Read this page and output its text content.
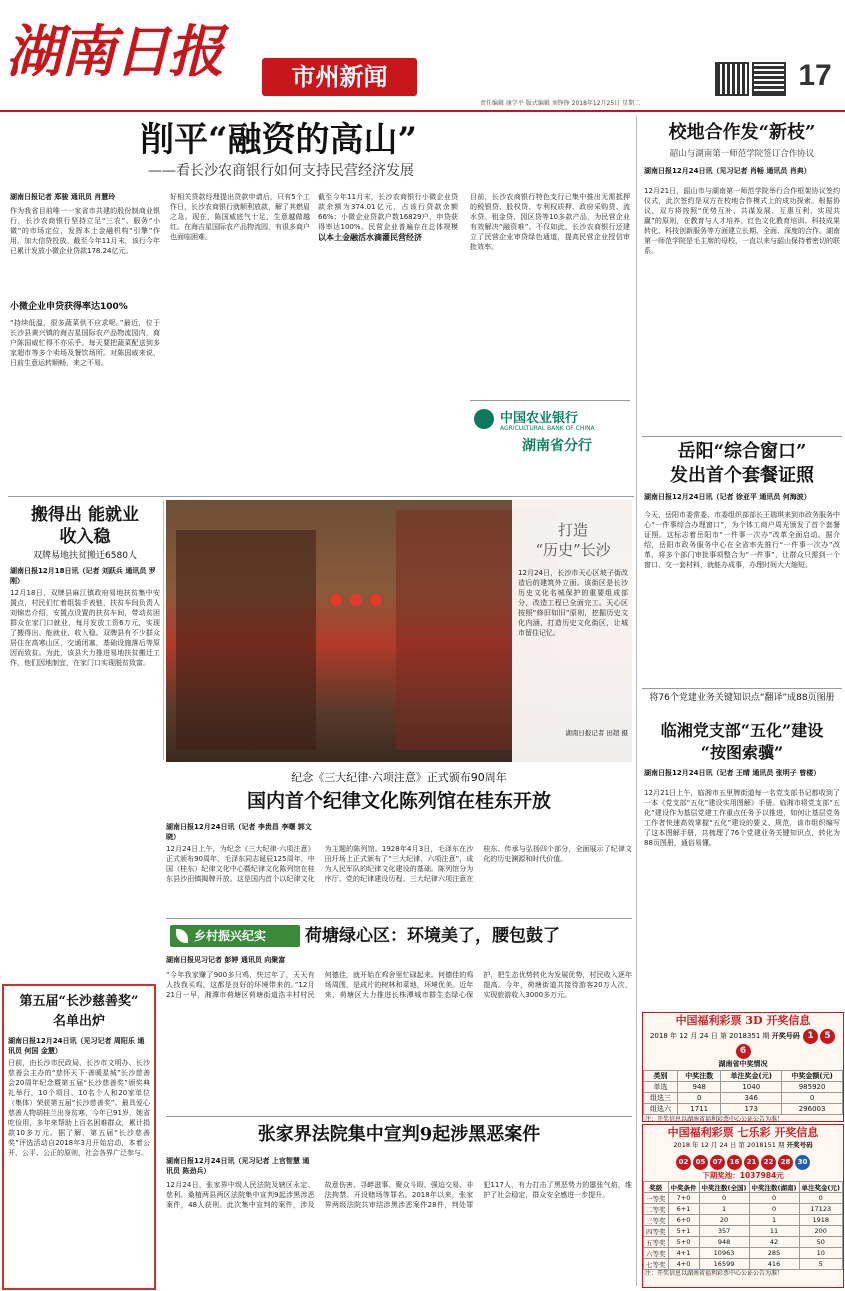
湖南日报	市州新闻	17
责任编辑 康学平 版式编辑 刘铮铮 2018年12月25日 星期二
削平“融资的高山”
——看长沙农商银行如何支持民营经济发展
湖南日报记者 郑骏 通讯员 肖慧玲
作为我省目前唯一一家省市共建的股份制商业银行，长沙农商银行坚持立足“三农”、服务“小微”的市场定位，发挥本土金融机构“引擎”作用，加大信贷投放。截至今年11月末，该行今年已累计发放小微企业贷款178.24亿元。
小微企业申贷获得率达100%
“持续低温，很多蔬菜供不应求呢。”最近，位于长沙县黄兴镇的海吉星国际农产品物流园内，商户陈国威忙得不亦乐乎。每天要把蔬菜配送到多家超市等多个卖场及餐饮场所。对陈国威来说，日前生意运转顺畅，来之不易。
好相关贷款经理提出贷款申请后，只有5个工作日，长沙农商银行就顺利放款，解了其燃眉之急。现在，陈国威底气十足，生意越做越红。在海吉星国际农产品物流园，有很多商户也面临困难。
截至今年11月末，长沙农商银行小微企业贷款余额为374.01亿元，占该行贷款余额66%；小微企业贷款户数16829户，申贷获得率达100%。民营企业普遍存在总体规模
以本土金融活水滴灌民营经济
目前，长沙农商银行特色支行已集中推出无需抵押的税银贷、股权贷、专利权质押、政府采购贷、流水贷、租金贷、园区贷等10多款产品，为民营企业有效解决“融资难”。不仅如此，长沙农商银行还建立了民营企业审贷绿色通道，提高民营企业授信审批效率。
中国农业银行
AGRICULTURAL BANK OF CHINA
湖南省分行
校地合作发“新枝”
韶山与湖南第一师范学院签订合作协议
湖南日报12月24日讯（见习记者 肖畅 通讯员 肖典）
12月21日，韶山市与湖南第一师范学院举行合作框架协议签约仪式，此次签约是双方在校地合作模式上的成功探索。根据协议，双方将按照“优势互补、共谋发展、互惠互利、实现共赢”的原则，在教育与人才培养、红色文化教育培训、科技成果转化、科技创新服务等方面建立长期、全面、深度的合作。湖南第一师范学院是毛主席的母校，一直以来与韶山保持着密切的联系。
岳阳“综合窗口”
发出首个套餐证照
湖南日报12月24日讯（记者 徐亚平 通讯员 何海波）
今天，岳阳市委常委、市委组织部部长王瑞琪来到市政务服务中心“一件事综合办理窗口”，为个体工商户周光颁发了首个套餐证照。这标志着岳阳市“一件事一次办”改革全面启动。据介绍，岳阳市政务服务中心在全省率先推行“一件事一次办”改革，将多个部门审批事项整合为“一件事”，让群众只需到一个窗口、交一套材料，就能办成事，办理时间大大缩短。
将76个党建业务关键知识点“翻译”成88页图册
临湘党支部“五化”建设
“按图索骥”
湖南日报12月24日讯（记者 王晴 通讯员 张明子 曾楼）
12月21日上午，临湘市五里牌街道每一名党支部书记都收到了一本《党支部“五化”建设实用图解》手册。临湘市将党支部“五化”建设作为基层党建工作重点任务予以推进，如何让基层党务工作者快速高效掌握“五化”建设的要义、规范，该市组织编写了这本图解手册，共梳理了76个党建业务关键知识点，转化为88页图册，通俗易懂。
中国福利彩票 3D 开奖信息
2018 年 12 月 24 日 第 2018351 期 开奖号码 1 56
湖南省中奖情况
类别	中奖注数	单注奖金(元)	中奖金额(元)
单选	948	1040	985920
组选三	0	346	0
组选六	1711	173	296003
注：开奖信息以湖南省福利彩票中心公证公告为准！
中国福利彩票 七乐彩 开奖信息
2018 年 12 月 24 日 第 2018151 期 开奖号码
02 05 07 16 21 22 28 30
下期奖池：1037984元
奖级	中奖条件	中奖注数(全国)	中奖注数(湖南)	单注奖金(元)
一等奖	7+0	0	0	0
二等奖	6+1	1	0	17123
三等奖	6+0	20	1	1918
四等奖	5+1	357	11	200
五等奖	5+0	948	42	50
六等奖	4+1	10963	285	10
七等奖	4+0	16599	416	5
注：开奖信息以湖南省福利彩票中心公证公告为准！
搬得出 能就业
收入稳
双牌易地扶贫搬迁6580人
湖南日报12月18日讯（记者 刘跃兵 通讯员 罗刚）
12月18日，双牌县麻江镇政府易地扶贫集中安置点，村民们忙着组装手表链，扶贫车间负责人刘锦忠介绍，安置点设置的扶贫车间，带动贫困群众在家门口就业，每月发放工资6万元，实现了搬得出、能就业、收入稳。双牌县有不少群众居住在高寒山区，交通闭塞，基础设施落后等原因而致贫。为此，该县大力推进易地扶贫搬迁工作，他们因地制宜，在家门口实现脱贫致富。
第五届“长沙慈善奖”
名单出炉
湖南日报12月24日讯（见习记者 周阳乐 通讯员 何国 金慧）
日前，由长沙市民政局、长沙市文明办、长沙慈善会主办的“慈怀天下·善暖星城”长沙慈善会20周年纪念暨第五届“长沙慈善奖”颁奖典礼举行，10个项目、10名个人和20家单位（集体）荣获第五届“长沙慈善奖”。最具爱心慈善人物胡桂兰出身贫寒，今年已91岁，她省吃俭用，多年来帮助上百名困难群众，累计捐款10多万元。据了解，第五届“长沙慈善奖”评选活动自2018年3月开始启动，本着公开、公平、公正的原则，社会各界广泛参与。
打造
“历史”长沙
12月24日，长沙市天心区坡子街改造后的建筑外立面。该街区是长沙历史文化名城保护的重要组成部分，改造工程已全面完工。天心区按照“修旧如旧”原则，挖掘历史文化内涵，打造历史文化街区，让城市留住记忆。
湖南日报记者 田超 摄
纪念《三大纪律·六项注意》正式颁布90周年
国内首个纪律文化陈列馆在桂东开放
湖南日报12月24日讯（记者 李贵昌 李曙 郭文晓）
12月24日上午，为纪念《三大纪律·六项注意》正式颁布90周年，毛泽东同志诞辰125周年，中国（桂东）纪律文化中心暨纪律文化陈列馆在桂东县沙田镇揭牌开放。这是国内首个以纪律文化为主题的陈列馆。1928年4月3日，毛泽东在沙田圩场上正式颁布了“三大纪律、六项注意”，成为人民军队的纪律文化建设的基础。陈列馆分为序厅、党的纪律建设历程、三大纪律六项注意在桂东、传承与弘扬四个部分，全面展示了纪律文化的历史渊源和时代价值。
乡村振兴纪实 荷塘绿心区：环境美了，腰包鼓了
湖南日报见习记者 彭婷 通讯员 向聚富
“今年我家赚了900多只鸡，快过年了，天天有人找我买鸡，这都是良好的环境带来的。”12月21日一早，湘潭市荷塘区荷塘街道浩丰村村民何德佳，就开始在鸡舍里忙碌起来。何德佳的鸡场周围，是成片的树林和菜地，环境优美。近年来，荷塘区大力推进长株潭城市群生态绿心保护，把生态优势转化为发展优势，村民收入逐年提高。今年，荷塘街道共接待游客20万人次，实现旅游收入3000多万元。
张家界法院集中宣判9起涉黑恶案件
湖南日报12月24日讯（见习记者 上官智慧 通讯员 陈劲兵）
12月24日，张家界中级人民法院及辖区永定、慈利、桑植两县两区法院集中宣判9起涉黑涉恶案件，48人获刑。此次集中宣判的案件，涉及故意伤害、寻衅滋事、聚众斗殴、强迫交易、非法拘禁、开设赌场等罪名。2018年以来，张家界两级法院共审结涉黑涉恶案件28件，判处罪犯117人，有力打击了黑恶势力的嚣张气焰，维护了社会稳定，群众安全感进一步提升。
